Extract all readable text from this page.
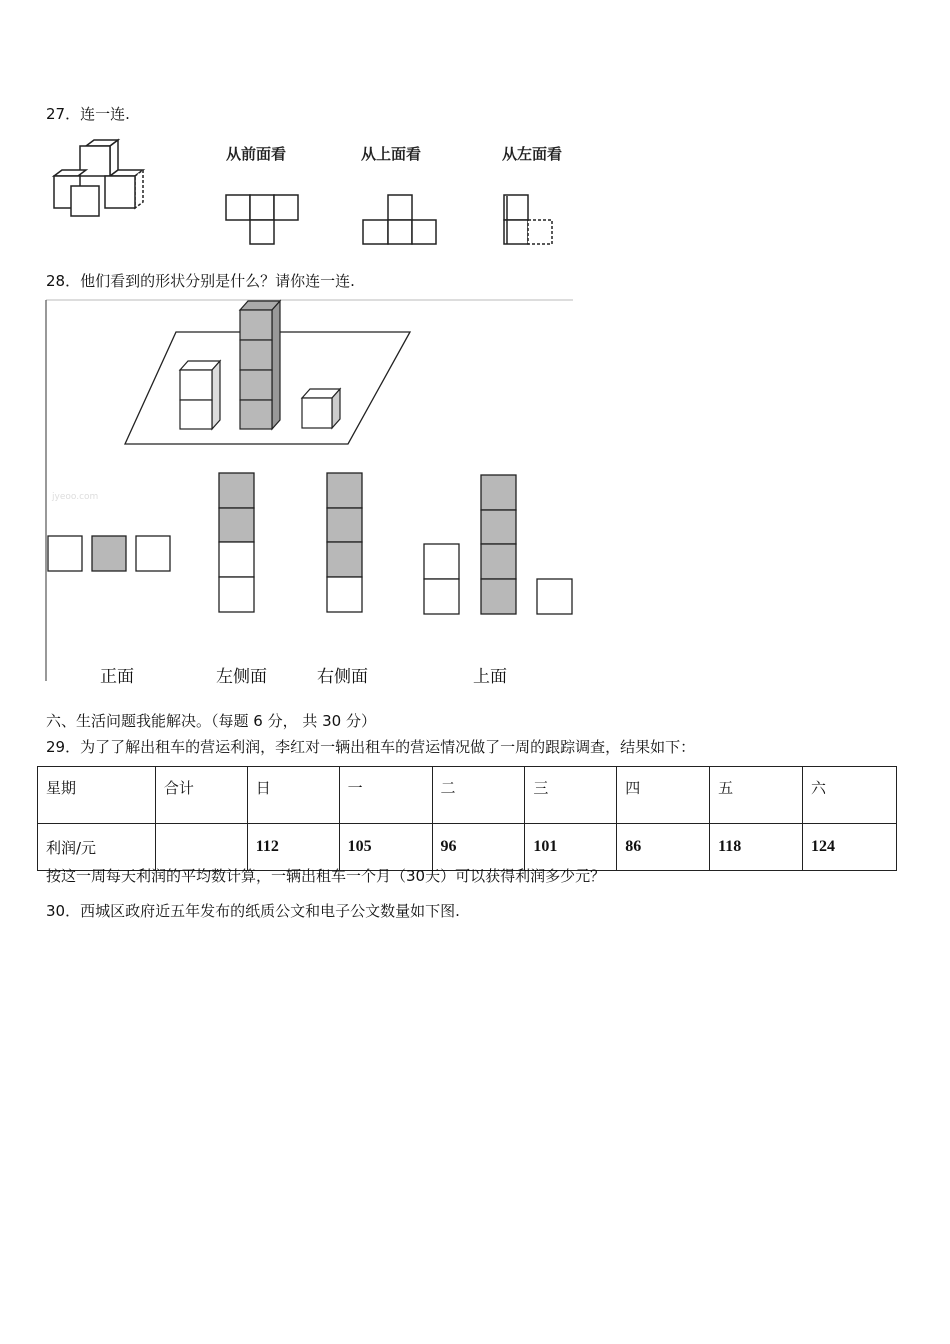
27．连一连.
从前面看	从上面看	从左面看
28．他们看到的形状分别是什么？请你连一连.
jyeoo.com
正面	左侧面	右侧面	上面
六、生活问题我能解决。（每题 6 分， 共 30 分）
29．为了了解出租车的营运利润，李红对一辆出租车的营运情况做了一周的跟踪调查，结果如下：
星期	合计	日	一	二	三	四	五	六
利润/元		112	105	96	101	86	118	124
按这一周每天利润的平均数计算，一辆出租车一个月（30天）可以获得利润多少元？
30．西城区政府近五年发布的纸质公文和电子公文数量如下图.
